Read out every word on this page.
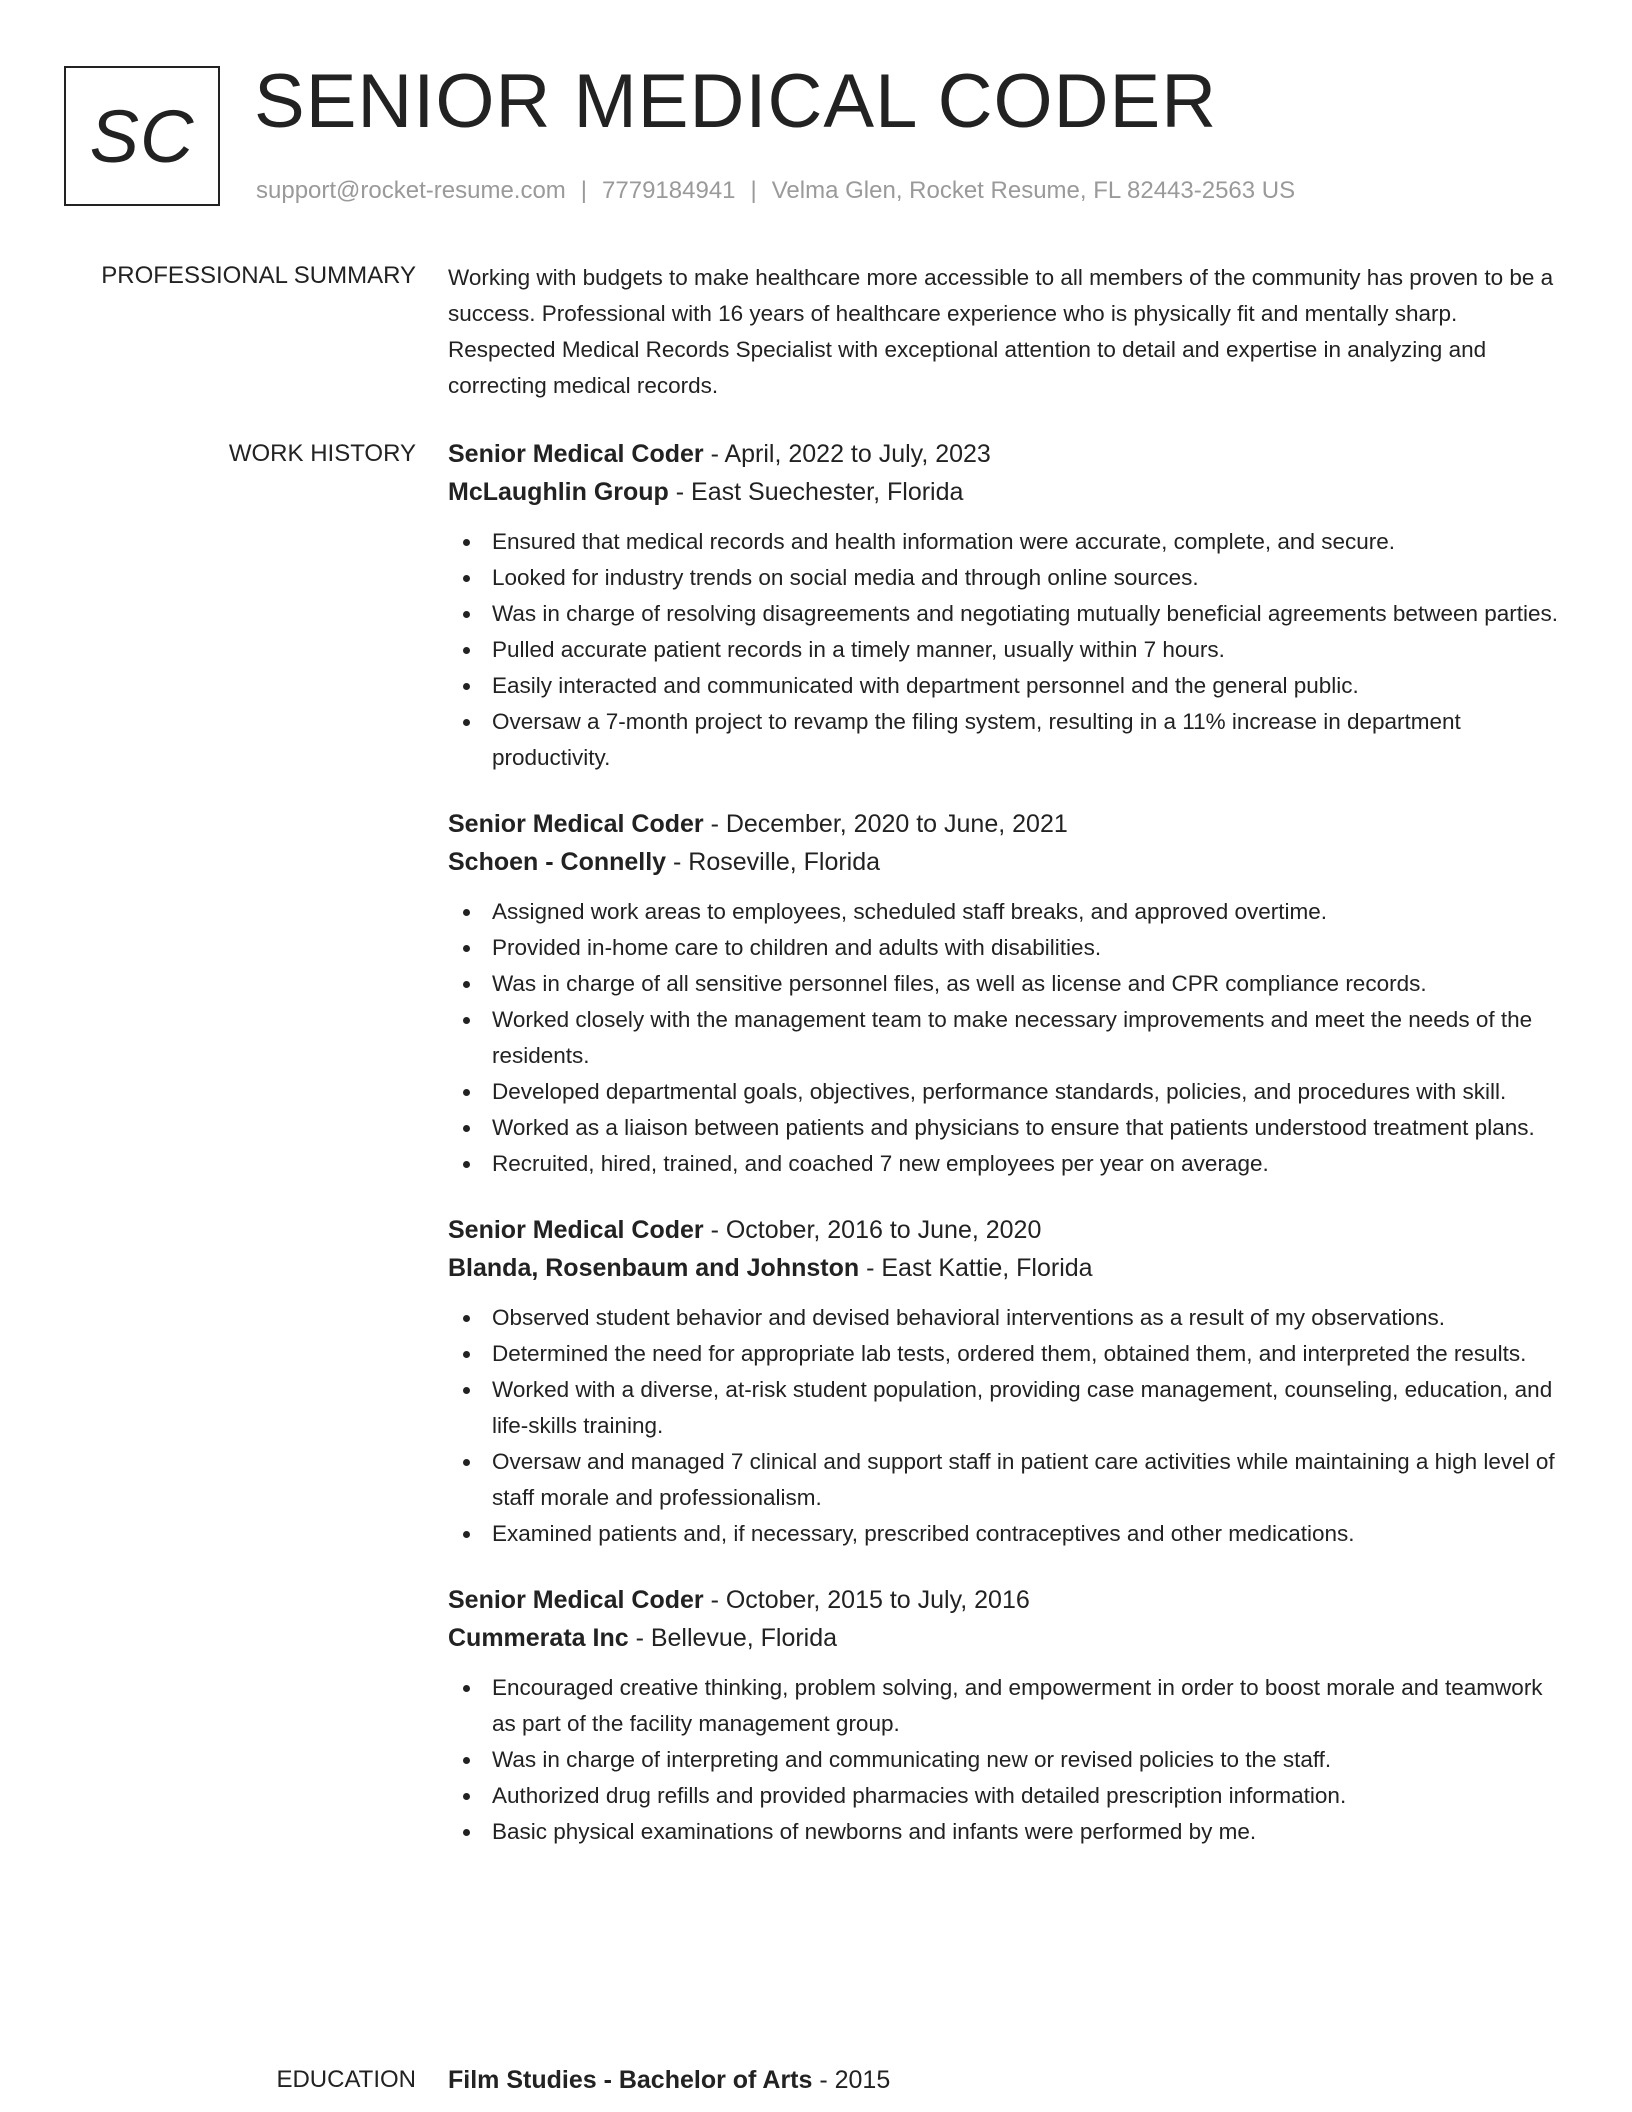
SC SENIOR MEDICAL CODER
support@rocket-resume.com | 7779184941 | Velma Glen, Rocket Resume, FL 82443-2563 US
PROFESSIONAL SUMMARY Working with budgets to make healthcare more accessible to all members of the community has proven to be a success. Professional with 16 years of healthcare experience who is physically fit and mentally sharp. Respected Medical Records Specialist with exceptional attention to detail and expertise in analyzing and correcting medical records.

WORK HISTORY Senior Medical Coder - April, 2022 to July, 2023
McLaughlin Group - East Suechester, Florida
Ensured that medical records and health information were accurate, complete, and secure.
Looked for industry trends on social media and through online sources.
Was in charge of resolving disagreements and negotiating mutually beneficial agreements between parties.
Pulled accurate patient records in a timely manner, usually within 7 hours.
Easily interacted and communicated with department personnel and the general public.
Oversaw a 7-month project to revamp the filing system, resulting in a 11% increase in department productivity.
Senior Medical Coder - December, 2020 to June, 2021
Schoen - Connelly - Roseville, Florida
Assigned work areas to employees, scheduled staff breaks, and approved overtime.
Provided in-home care to children and adults with disabilities.
Was in charge of all sensitive personnel files, as well as license and CPR compliance records.
Worked closely with the management team to make necessary improvements and meet the needs of the residents.
Developed departmental goals, objectives, performance standards, policies, and procedures with skill.
Worked as a liaison between patients and physicians to ensure that patients understood treatment plans.
Recruited, hired, trained, and coached 7 new employees per year on average.
Senior Medical Coder - October, 2016 to June, 2020
Blanda, Rosenbaum and Johnston - East Kattie, Florida
Observed student behavior and devised behavioral interventions as a result of my observations.
Determined the need for appropriate lab tests, ordered them, obtained them, and interpreted the results.
Worked with a diverse, at-risk student population, providing case management, counseling, education, and life-skills training.
Oversaw and managed 7 clinical and support staff in patient care activities while maintaining a high level of staff morale and professionalism.
Examined patients and, if necessary, prescribed contraceptives and other medications.
Senior Medical Coder - October, 2015 to July, 2016
Cummerata Inc - Bellevue, Florida
Encouraged creative thinking, problem solving, and empowerment in order to boost morale and teamwork as part of the facility management group.
Was in charge of interpreting and communicating new or revised policies to the staff.
Authorized drug refills and provided pharmacies with detailed prescription information.
Basic physical examinations of newborns and infants were performed by me.
EDUCATION Film Studies - Bachelor of Arts - 2015
